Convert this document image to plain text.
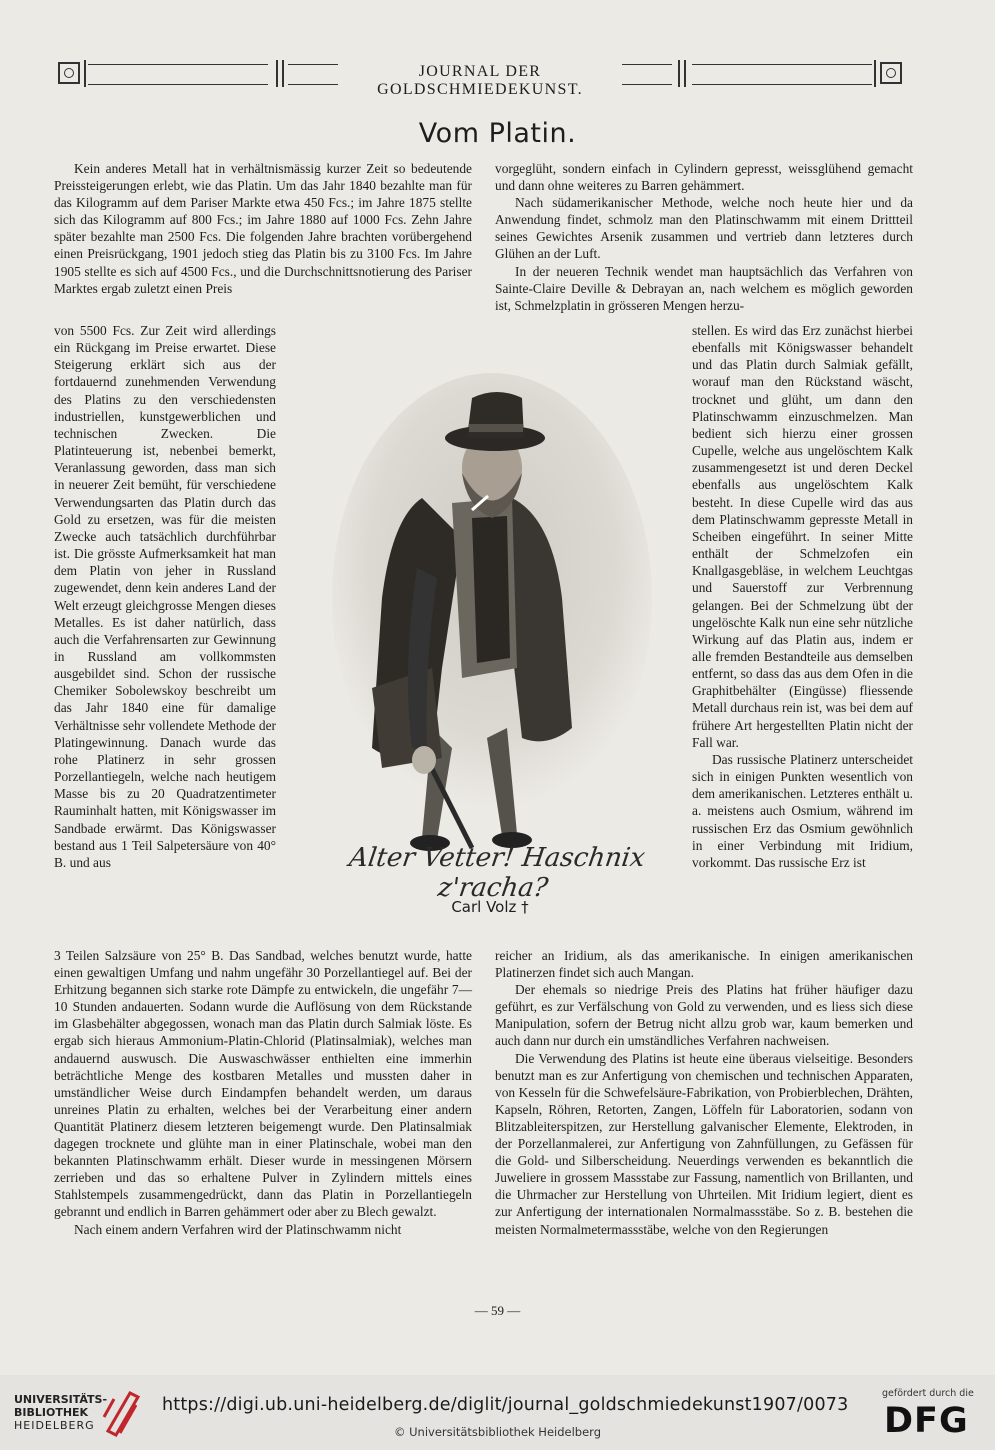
JOURNAL DER GOLDSCHMIEDEKUNST.
Vom Platin.

Kein anderes Metall hat in verhältnismässig kurzer Zeit so bedeutende Preissteigerungen erlebt, wie das Platin. Um das Jahr 1840 bezahlte man für das Kilogramm auf dem Pariser Markte etwa 450 Fcs.; im Jahre 1875 stellte sich das Kilogramm auf 800 Fcs.; im Jahre 1880 auf 1000 Fcs. Zehn Jahre später bezahlte man 2500 Fcs. Die folgenden Jahre brachten vorübergehend einen Preisrückgang, 1901 jedoch stieg das Platin bis zu 3100 Fcs. Im Jahre 1905 stellte es sich auf 4500 Fcs., und die Durchschnittsnotierung des Pariser Marktes ergab zuletzt einen Preis

von 5500 Fcs. Zur Zeit wird allerdings ein Rückgang im Preise erwartet. Diese Steigerung erklärt sich aus der fortdauernd zunehmenden Verwendung des Platins zu den verschiedensten industriellen, kunstgewerblichen und technischen Zwecken. Die Platinteuerung ist, nebenbei bemerkt, Veranlassung geworden, dass man sich in neuerer Zeit bemüht, für verschiedene Verwendungsarten das Platin durch das Gold zu ersetzen, was für die meisten Zwecke auch tatsächlich durchführbar ist. Die grösste Aufmerksamkeit hat man dem Platin von jeher in Russland zugewendet, denn kein anderes Land der Welt erzeugt gleichgrosse Mengen dieses Metalles. Es ist daher natürlich, dass auch die Verfahrensarten zur Gewinnung in Russland am vollkommsten ausgebildet sind. Schon der russische Chemiker Sobolewskoy beschreibt um das Jahr 1840 eine für damalige Verhältnisse sehr vollendete Methode der Platingewinnung. Danach wurde das rohe Platinerz in sehr grossen Porzellantiegeln, welche nach heutigem Masse bis zu 20 Quadratzentimeter Rauminhalt hatten, mit Königswasser im Sandbade erwärmt. Das Königswasser bestand aus 1 Teil Salpetersäure von 40° B. und aus

3 Teilen Salzsäure von 25° B. Das Sandbad, welches benutzt wurde, hatte einen gewaltigen Umfang und nahm ungefähr 30 Porzellantiegel auf. Bei der Erhitzung begannen sich starke rote Dämpfe zu entwickeln, die ungefähr 7—10 Stunden andauerten. Sodann wurde die Auflösung von dem Rückstande im Glasbehälter abgegossen, wonach man das Platin durch Salmiak löste. Es ergab sich hieraus Ammonium-Platin-Chlorid (Platinsalmiak), welches man andauernd auswusch. Die Auswaschwässer enthielten eine immerhin beträchtliche Menge des kostbaren Metalles und mussten daher in umständlicher Weise durch Eindampfen behandelt werden, um daraus unreines Platin zu erhalten, welches bei der Verarbeitung einer andern Quantität Platinerz diesem letzteren beigemengt wurde. Den Platinsalmiak dagegen trocknete und glühte man in einer Platinschale, wobei man den bekannten Platinschwamm erhält. Dieser wurde in messingenen Mörsern zerrieben und das so erhaltene Pulver in Zylindern mittels eines Stahlstempels zusammengedrückt, dann das Platin in Porzellantiegeln gebrannt und endlich in Barren gehämmert oder aber zu Blech gewalzt.

Nach einem andern Verfahren wird der Platinschwamm nicht

vorgeglüht, sondern einfach in Cylindern gepresst, weissglühend gemacht und dann ohne weiteres zu Barren gehämmert.

Nach südamerikanischer Methode, welche noch heute hier und da Anwendung findet, schmolz man den Platinschwamm mit einem Drittteil seines Gewichtes Arsenik zusammen und vertrieb dann letzteres durch Glühen an der Luft.

In der neueren Technik wendet man hauptsächlich das Verfahren von Sainte-Claire Deville & Debrayan an, nach welchem es möglich geworden ist, Schmelzplatin in grösseren Mengen herzu-

stellen. Es wird das Erz zunächst hierbei ebenfalls mit Königswasser behandelt und das Platin durch Salmiak gefällt, worauf man den Rückstand wäscht, trocknet und glüht, um dann den Platinschwamm einzuschmelzen. Man bedient sich hierzu einer grossen Cupelle, welche aus ungelöschtem Kalk zusammengesetzt ist und deren Deckel ebenfalls aus ungelöschtem Kalk besteht. In diese Cupelle wird das aus dem Platinschwamm gepresste Metall in Scheiben eingeführt. In seiner Mitte enthält der Schmelzofen ein Knallgasgebläse, in welchem Leuchtgas und Sauerstoff zur Verbrennung gelangen. Bei der Schmelzung übt der ungelöschte Kalk nun eine sehr nützliche Wirkung auf das Platin aus, indem er alle fremden Bestandteile aus demselben entfernt, so dass das aus dem Ofen in die Graphitbehälter (Eingüsse) fliessende Metall durchaus rein ist, was bei dem auf frühere Art hergestellten Platin nicht der Fall war.

Das russische Platinerz unterscheidet sich in einigen Punkten wesentlich von dem amerikanischen. Letzteres enthält u. a. meistens auch Osmium, während im russischen Erz das Osmium gewöhnlich in einer Verbindung mit Iridium, vorkommt. Das russische Erz ist

reicher an Iridium, als das amerikanische. In einigen amerikanischen Platinerzen findet sich auch Mangan.

Der ehemals so niedrige Preis des Platins hat früher häufiger dazu geführt, es zur Verfälschung von Gold zu verwenden, und es liess sich diese Manipulation, sofern der Betrug nicht allzu grob war, kaum bemerken und auch dann nur durch ein umständliches Verfahren nachweisen.

Die Verwendung des Platins ist heute eine überaus vielseitige. Besonders benutzt man es zur Anfertigung von chemischen und technischen Apparaten, von Kesseln für die Schwefelsäure-Fabrikation, von Probierblechen, Drähten, Kapseln, Röhren, Retorten, Zangen, Löffeln für Laboratorien, sodann von Blitzableiterspitzen, zur Herstellung galvanischer Elemente, Elektroden, in der Porzellanmalerei, zur Anfertigung von Zahnfüllungen, zu Gefässen für die Gold- und Silberscheidung. Neuerdings verwenden es bekanntlich die Juweliere in grossem Massstabe zur Fassung, namentlich von Brillanten, und die Uhrmacher zur Herstellung von Uhrteilen. Mit Iridium legiert, dient es zur Anfertigung der internationalen Normalmassstäbe. So z. B. bestehen die meisten Normalmetermassstäbe, welche von den Regierungen

Alter Vetter! Haschnix z'racha?
Carl Volz †
— 59 —
UNIVERSITÄTS-
BIBLIOTHEK
HEIDELBERG
https://digi.ub.uni-heidelberg.de/diglit/journal_goldschmiedekunst1907/0073
© Universitätsbibliothek Heidelberg
gefördert durch die
DFG
